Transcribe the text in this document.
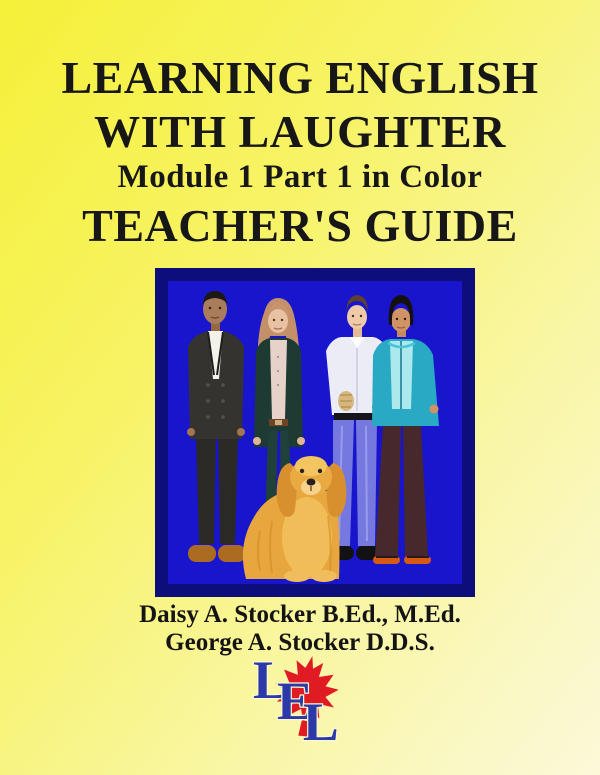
LEARNING ENGLISH
WITH LAUGHTER
Module 1 Part 1 in Color
TEACHER'S GUIDE
Daisy A. Stocker B.Ed., M.Ed.
George A. Stocker D.D.S.
L
E
L
